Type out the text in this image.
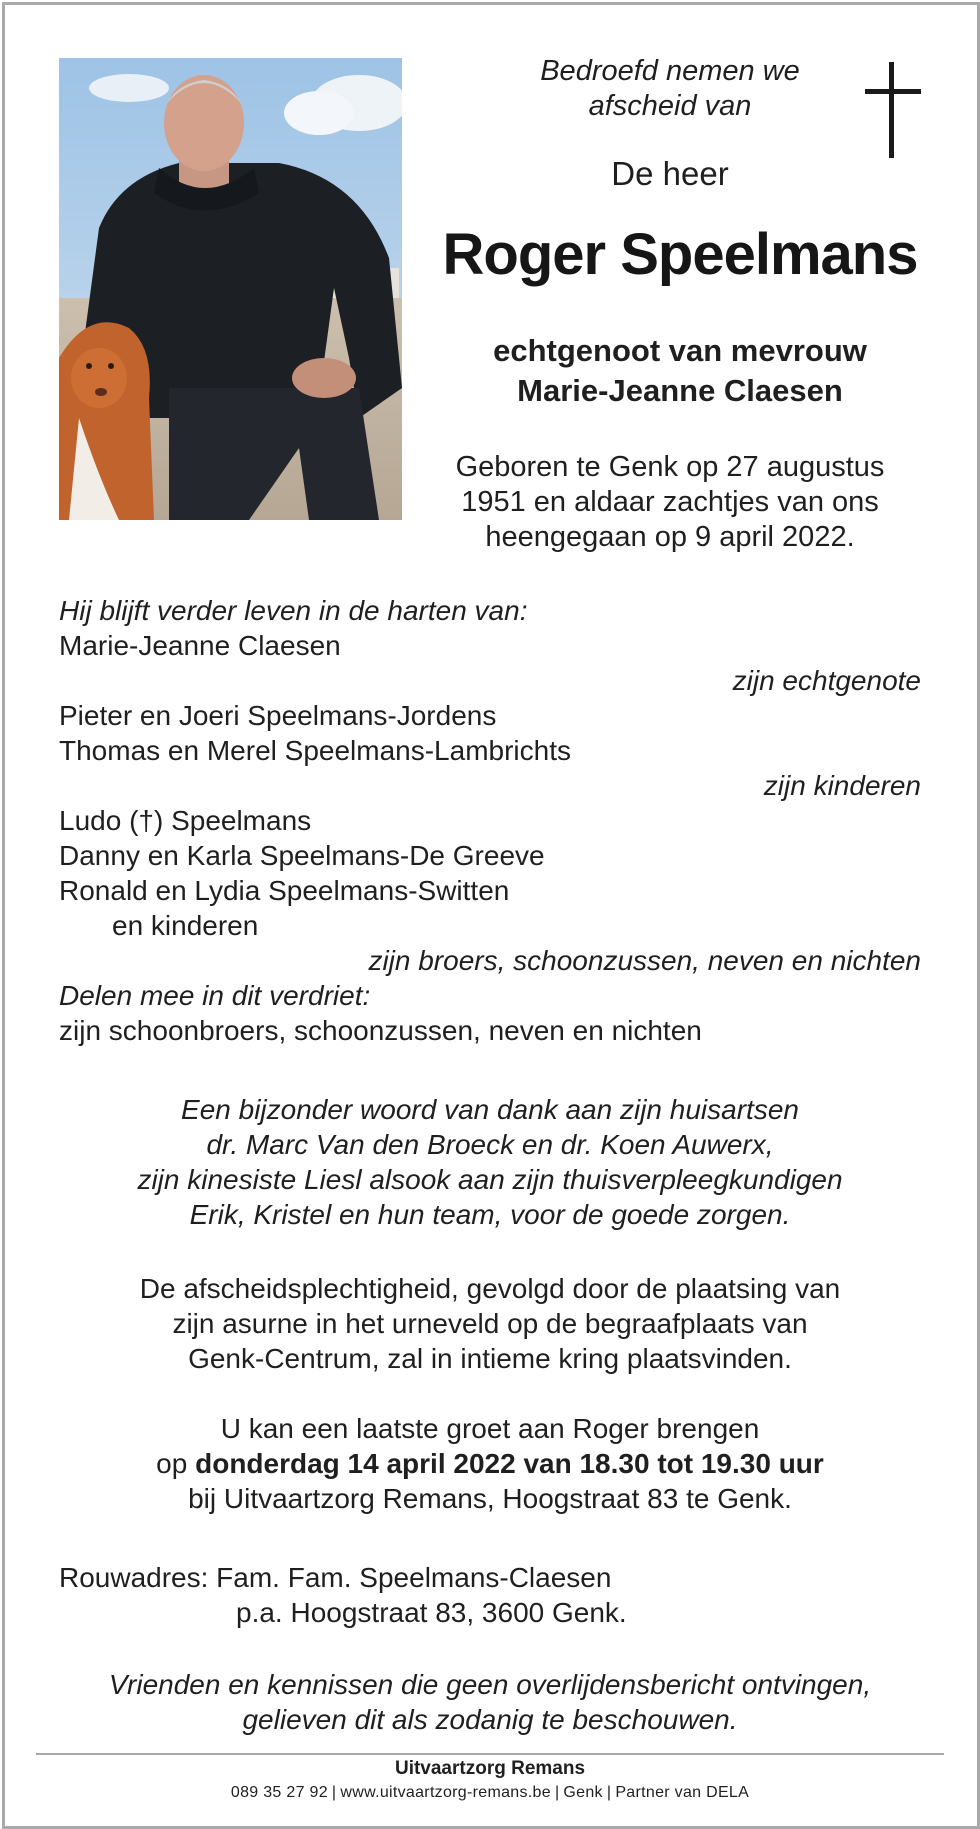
Bedroefd nemen we
afscheid van
De heer
Roger Speelmans
echtgenoot van mevrouw
Marie-Jeanne Claesen
Geboren te Genk op 27 augustus
1951 en aldaar zachtjes van ons
heengegaan op 9 april 2022.
Hij blijft verder leven in de harten van:
Marie-Jeanne Claesen
zijn echtgenote
Pieter en Joeri Speelmans-Jordens
Thomas en Merel Speelmans-Lambrichts
zijn kinderen
Ludo (†) Speelmans
Danny en Karla Speelmans-De Greeve
Ronald en Lydia Speelmans-Switten
en kinderen
zijn broers, schoonzussen, neven en nichten
Delen mee in dit verdriet:
zijn schoonbroers, schoonzussen, neven en nichten
Een bijzonder woord van dank aan zijn huisartsen
dr. Marc Van den Broeck en dr. Koen Auwerx,
zijn kinesiste Liesl alsook aan zijn thuisverpleegkundigen
Erik, Kristel en hun team, voor de goede zorgen.
De afscheidsplechtigheid, gevolgd door de plaatsing van
zijn asurne in het urneveld op de begraafplaats van
Genk-Centrum, zal in intieme kring plaatsvinden.
U kan een laatste groet aan Roger brengen
op donderdag 14 april 2022 van 18.30 tot 19.30 uur
bij Uitvaartzorg Remans, Hoogstraat 83 te Genk.
Rouwadres: Fam. Fam. Speelmans-Claesen
p.a. Hoogstraat 83, 3600 Genk.
Vrienden en kennissen die geen overlijdensbericht ontvingen,
gelieven dit als zodanig te beschouwen.
Uitvaartzorg Remans
089 35 27 92 | www.uitvaartzorg-remans.be | Genk | Partner van DELA
